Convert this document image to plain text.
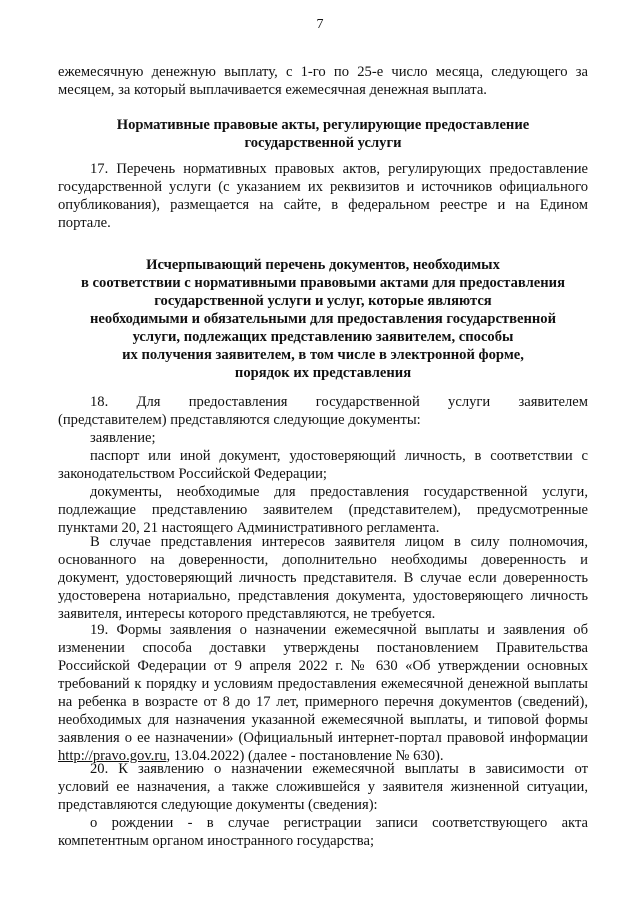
7
ежемесячную денежную выплату, с 1-го по 25-е число месяца, следующего за
месяцем, за который выплачивается ежемесячная денежная выплата.
Нормативные правовые акты, регулирующие предоставление
государственной услуги
17. Перечень нормативных правовых актов, регулирующих предоставление
государственной услуги (с указанием их реквизитов и источников официального
опубликования), размещается на сайте, в федеральном реестре и на Едином
портале.
Исчерпывающий перечень документов, необходимых
в соответствии с нормативными правовыми актами для предоставления
государственной услуги и услуг, которые являются
необходимыми и обязательными для предоставления государственной
услуги, подлежащих представлению заявителем, способы
их получения заявителем, в том числе в электронной форме,
порядок их представления
18. Для предоставления государственной услуги заявителем
(представителем) представляются следующие документы:
заявление;
паспорт или иной документ, удостоверяющий личность, в соответствии с
законодательством Российской Федерации;
документы, необходимые для предоставления государственной услуги,
подлежащие представлению заявителем (представителем), предусмотренные
пунктами 20, 21 настоящего Административного регламента.
В случае представления интересов заявителя лицом в силу полномочия,
основанного на доверенности, дополнительно необходимы доверенность и
документ, удостоверяющий личность представителя. В случае если доверенность
удостоверена нотариально, представления документа, удостоверяющего личность
заявителя, интересы которого представляются, не требуется.
19. Формы заявления о назначении ежемесячной выплаты и заявления об
изменении способа доставки утверждены постановлением Правительства
Российской Федерации от 9 апреля 2022 г. № 630 «Об утверждении основных
требований к порядку и условиям предоставления ежемесячной денежной выплаты
на ребенка в возрасте от 8 до 17 лет, примерного перечня документов (сведений),
необходимых для назначения указанной ежемесячной выплаты, и типовой формы
заявления о ее назначении» (Официальный интернет-портал правовой информации
http://pravo.gov.ru, 13.04.2022) (далее - постановление № 630).
20. К заявлению о назначении ежемесячной выплаты в зависимости от
условий ее назначения, а также сложившейся у заявителя жизненной ситуации,
представляются следующие документы (сведения):
о рождении - в случае регистрации записи соответствующего акта
компетентным органом иностранного государства;
